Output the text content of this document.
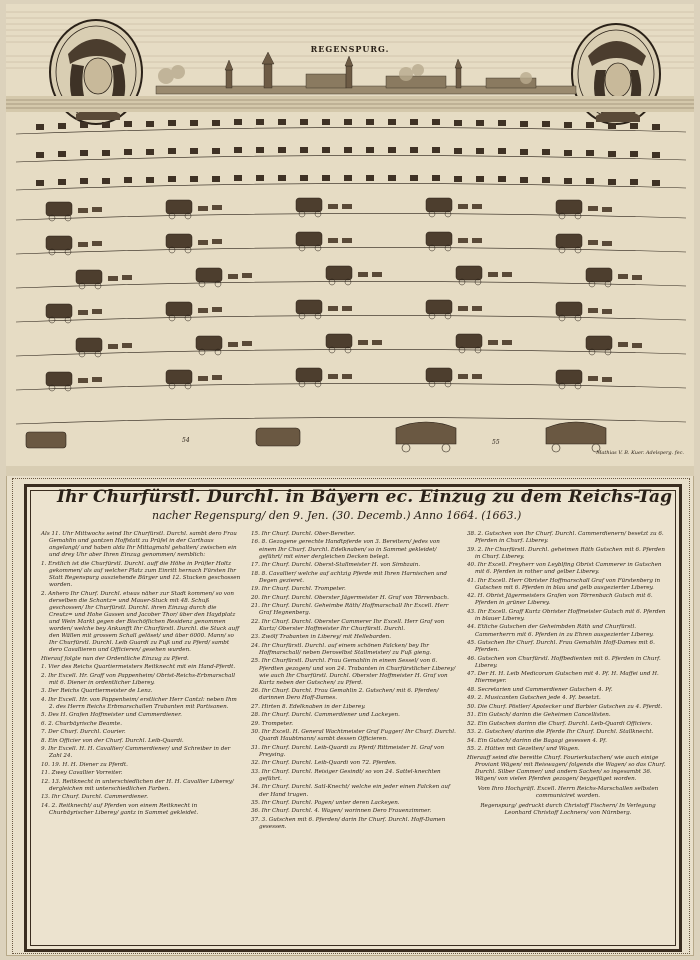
54	55
REGENSPURG.
Mathias V. B. Kuer. Adelsperg. fec.
Ihr Churfürstl. Durchl. in Bäyern ec. Einzug zu dem Reichs-Tag
nacher Regenspurg/ den 9. Jen. (30. Decemb.) Anno 1664. (1663.)

Als 11. Uhr Mittwochs seind Ihr Churfürstl. Durchl. sambt dero Frau Gemahlin und gantzen Hoffstatt zu Prüfel in der Carthaus angelangt/ und haben alda Ihr Mittagmahl gehalten/ zwischen ein und drey Uhr aber Ihren Einzug genommen/ nemblich:

1. Erstlich ist die Churfürstl. Durchl. auff die Höhe in Prüfler Holtz gekommen/ als auf welcher Platz zum Einritt hernach Fürsten Ihr Statt Regenspurg ausziehende Bürger und 12. Stucken geschossen worden.

2. Anhero Ihr Churf. Durchl. etwas näher zur Stadt kommen/ so von derselben die Schantz= und Mauer-Stuck mit 48. Schuß geschossen/ Ihr Churfürstl. Durchl. ihren Einzug durch die Creutz= und Hohe Gassen und Jacober Thor/ über den Haydplatz und Wein Markt gegen der Bischöflichen Residenz genommen worden/ welche bey Ankunfft Ihr Churfürstl. Durchl. die Stuck auff den Wällen mit grossem Schall gelöset/ und über 6000. Mann/ so Ihr Churfürstl. Durchl. Leib Guardi zu Fuß und zu Pferd/ sambt dero Cavallieren und Officieren/ gesehen wurden.

Hierauf folgte nun der Ordentliche Einzug zu Pferd.

1. Vier des Reichs Quartiermeisters Reitknecht mit ein Hand-Pferdt.

2. Ihr Excell. Hr. Graff von Pappenheim/ Obrist-Reichs-Erbmarschall mit 6. Diener in ordentlicher Liberey.

3. Der Reichs Quartiermeister de Lenz.

4. Ihr Excell. Hr. von Pappenheim/ erstlicher Herr Cantzl: neben Ihm 2. des Herrn Reichs Erbmarschallen Trabanten mit Partisanen.

5. Des H. Grafen Hoffmeister und Cammerdiener.

6. 2. Churbäyrische Beamte.

7. Der Churf. Durchl. Courier.

8. Ein Officier von der Churf. Durchl. Leib-Quardi.

9. Ihr Excell. H. H. Cavallier/ Cammerdiener/ und Schreiber in der Zahl 24.

10. 19. H. H. Diener zu Pferdt.

11. Zwey Cavallier Vorreiter.

12. 13. Reitknecht in unterschiedlichen der H. H. Cavallier Liberey/ dergleichen mit unterschiedlichen Farben.

13. Ihr Churf. Durchl. Cammerdiener.

14. 2. Reitknecht/ auf Pferden von einem Reitknecht in Churbäyrischer Liberey/ gantz in Sammet gekleidet.

15. Ihr Churf. Durchl. Ober-Bereiter.

16. 8. Gezogene gerechte Handtpferde von 3. Bereitern/ jedes von einem Ihr Churf. Durchl. Edelknaben/ so in Sammet gekleidet/ geführt/ mit einer dergleichen Decken belegt.

17. Ihr Churf. Durchl. Oberst-Stallmeister H. von Simbzain.

18. 8. Cavallier/ welche auf achtzig Pferde mit Ihren Harnischen und Degen gezieret.

19. Ihr Churf. Durchl. Trompeter.

20. Ihr Churf. Durchl. Oberster Jägermeister H. Graf von Törrenbach.

21. Ihr Churf. Durchl. Geheimbe Räth/ Hoffmarschall Ihr Excell. Herr Graf Hegnenberg.

22. Ihr Churf. Durchl. Oberster Cammerer Ihr Excell. Herr Graf von Kurtz/ Oberster Hoffmeister Ihr Churfürstl. Durchl.

23. Zwölf Trabanten in Liberey/ mit Hellebarden.

24. Ihr Churfürstl. Durchl. auf einem schönen Falcken/ bey Ihr Hoffmarschall/ neben Deroselbst Stallmeister/ zu Fuß gieng.

25. Ihr Churfürstl. Durchl. Frau Gemahlin in einem Sessel/ von 6. Pferdten gezogen/ und von 24. Trabanten in Churfürstlicher Liberey/ wie auch Ihr Churfürstl. Durchl. Oberster Hoffmeister H. Graf von Kurtz neben der Gutschen/ zu Pferd.

26. Ihr Churf. Durchl. Frau Gemahlin 2. Gutschen/ mit 6. Pferden/ darinnen Dero Hoff-Dames.

27. Hirten 8. Edelknaben in der Liberey.

28. Ihr Churf. Durchl. Cammerdiener und Lackeyen.

29. Trompeter.

30. Ihr Excell. H. General Wachtmeister Graf Fugger/ Ihr Churf. Durchl. Quardi Haubtmann/ sambt dessen Officieren.

31. Ihr Churf. Durchl. Leib-Quardi zu Pferd/ Rittmeister H. Graf von Preysing.

32. Ihr Churf. Durchl. Leib-Quardi von 72. Pferden.

33. Ihr Churf. Durchl. Reisiger Gesindt/ so von 24. Sattel-knechten geführt.

34. Ihr Churf. Durchl. Satl-Knecht/ welche ein jeder einen Falcken auf der Hand trugen.

35. Ihr Churf. Durchl. Pagen/ unter deren Lackeyen.

36. Ihr Churf. Durchl. 4. Wagen/ worinnen Dero Frauenzimmer.

37. 3. Gutschen mit 6. Pferden/ darin Ihr Churf. Durchl. Hoff-Damen gesessen.

38. 2. Gutschen von Ihr Churf. Durchl. Cammerdienern/ besetzt zu 6. Pferden in Churf. Liberey.

39. 2. Ihr Churfürstl. Durchl. geheimen Räth Gutschen mit 6. Pferden in Churf. Liberey.

40. Ihr Excell. Freyherr von Leyblfing Obrist Cammerer in Gutschen mit 6. Pferden in rother und gelber Liberey.

41. Ihr Excell. Herr Obrister Hoffmarschall Graf von Fürstenberg in Gutschen mit 6. Pferden in blau und gelb ausgezierter Liberey.

42. H. Obrist Jägermeisters Grafen von Törrenbach Gutsch mit 6. Pferden in grüner Liberey.

43. Ihr Excell. Graff Kurtz Obrister Hoffmeister Gutsch mit 6. Pferden in blauer Liberey.

44. Etliche Gutschen der Geheimbden Räth und Churfürstl. Cammerherrn mit 6. Pferden in zu Ehren ausgezierter Liberey.

45. Gutschen Ihr Churf. Durchl. Frau Gemahlin Hoff-Dames mit 6. Pferden.

46. Gutschen von Churfürstl. Hoffbedienten mit 6. Pferden in Churf. Liberey.

47. Der H. H. Leib Medicorum Gutschen mit 4. Pf. H. Maffei und H. Hiermeyer.

48. Secretarien und Cammerdiener Gutschen 4. Pf.

49. 2. Musicanten Gutschen jede 4. Pf. besetzt.

50. Die Churf. Pöstler/ Apotecker und Barbier Gutschen zu 4. Pferdt.

51. Ein Gutsch/ darinn die Geheimen Cancellisten.

52. Ein Gutschen darinn die Churf. Durchl. Leib-Quardi Officiers.

53. 2. Gutschen/ darinn die Pferde Ihr Churf. Durchl. Stallknecht.

54. Ein Gutsch/ darinn die Bagagi gesessen 4. Pf.

55. 2. Hütten mit Gezelten/ und Wagen.

Hierauff seind die bereitte Churf. Fourierkutschen/ wie auch einige Proviant Wägen/ mit Reiswagen/ folgends die Wagen/ so das Churf. Durchl. Silber Cammer/ und andern Sachen/ so ingesambt 36. Wägen/ von vielen Pferden gezogen/ beygefüget worden.

Vom Ihro Hochgräfl. Excell. Herrn Reichs-Marschallen selbsten communiciret worden.

Regenspurg/ gedruckt durch Christoff Fischern/ In Verlegung Leonhard Christoff Lochners/ von Nürnberg.
